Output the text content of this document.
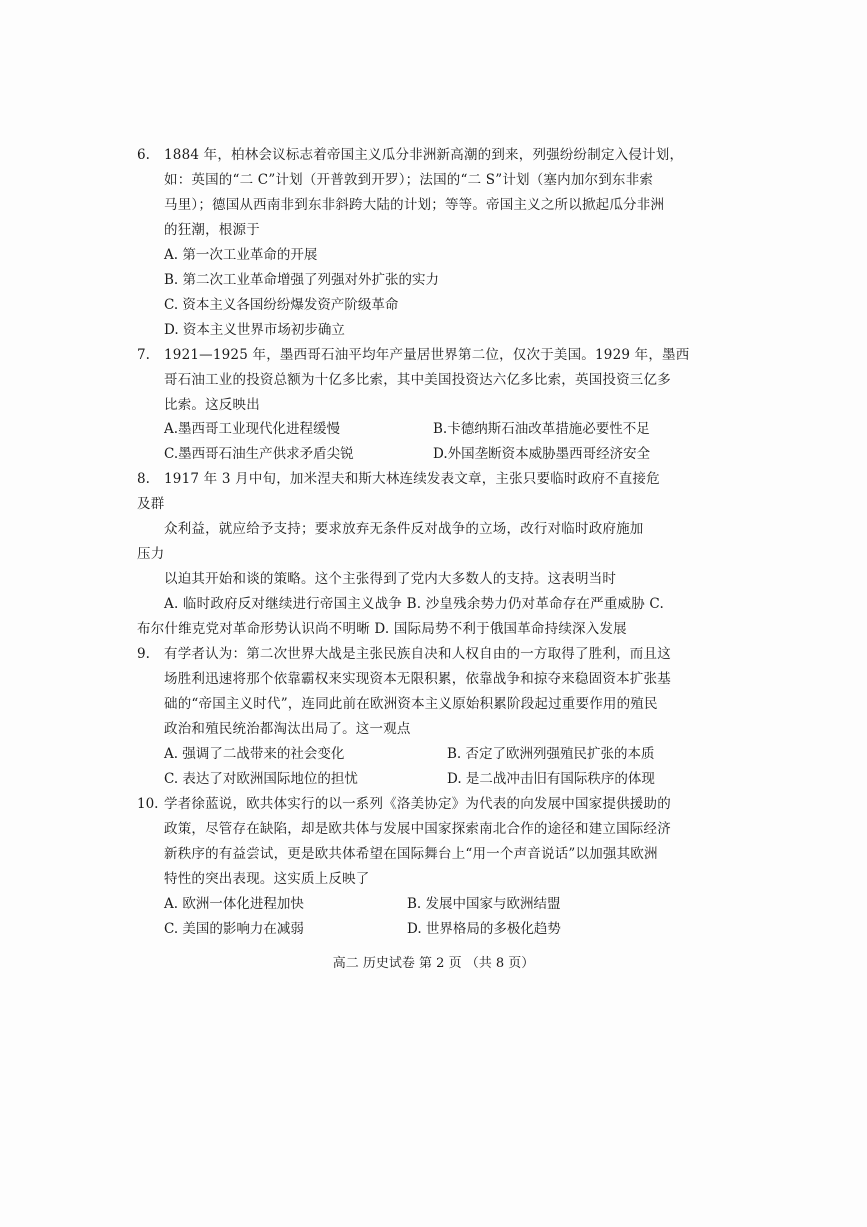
6. 1884 年，柏林会议标志着帝国主义瓜分非洲新高潮的到来，列强纷纷制定入侵计划，
如：英国的“二 C”计划（开普敦到开罗）；法国的“二 S”计划（塞内加尔到东非索
马里）；德国从西南非到东非斜跨大陆的计划；等等。帝国主义之所以掀起瓜分非洲
的狂潮，根源于
A. 第一次工业革命的开展
B. 第二次工业革命增强了列强对外扩张的实力
C. 资本主义各国纷纷爆发资产阶级革命
D. 资本主义世界市场初步确立
7. 1921—1925 年，墨西哥石油平均年产量居世界第二位，仅次于美国。1929 年，墨西
哥石油工业的投资总额为十亿多比索，其中美国投资达六亿多比索，英国投资三亿多
比索。这反映出
A.墨西哥工业现代化进程缓慢	B.卡德纳斯石油改革措施必要性不足
C.墨西哥石油生产供求矛盾尖锐	D.外国垄断资本威胁墨西哥经济安全
8. 1917 年 3 月中旬，加米涅夫和斯大林连续发表文章，主张只要临时政府不直接危
及群
众利益，就应给予支持；要求放弃无条件反对战争的立场，改行对临时政府施加
压力
以迫其开始和谈的策略。这个主张得到了党内大多数人的支持。这表明当时
A. 临时政府反对继续进行帝国主义战争 B. 沙皇残余势力仍对革命存在严重威胁 C.
布尔什维克党对革命形势认识尚不明晰 D. 国际局势不利于俄国革命持续深入发展
9. 有学者认为：第二次世界大战是主张民族自决和人权自由的一方取得了胜利，而且这
场胜利迅速将那个依靠霸权来实现资本无限积累，依靠战争和掠夺来稳固资本扩张基
础的“帝国主义时代”，连同此前在欧洲资本主义原始积累阶段起过重要作用的殖民
政治和殖民统治都淘汰出局了。这一观点
A. 强调了二战带来的社会变化	B. 否定了欧洲列强殖民扩张的本质
C. 表达了对欧洲国际地位的担忧	D. 是二战冲击旧有国际秩序的体现
10. 学者徐蓝说，欧共体实行的以一系列《洛美协定》为代表的向发展中国家提供援助的
政策，尽管存在缺陷，却是欧共体与发展中国家探索南北合作的途径和建立国际经济
新秩序的有益尝试，更是欧共体希望在国际舞台上“用一个声音说话”以加强其欧洲
特性的突出表现。这实质上反映了
A. 欧洲一体化进程加快	B. 发展中国家与欧洲结盟
C. 美国的影响力在减弱	D. 世界格局的多极化趋势
高二 历史试卷 第 2 页 （共 8 页）
